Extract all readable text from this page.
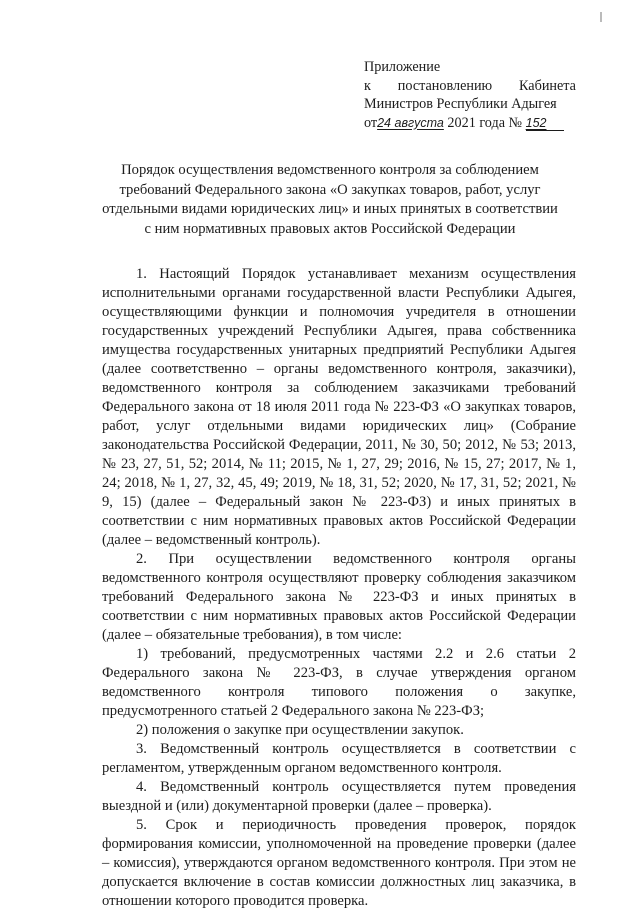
Приложение
к постановлению Кабинета
Министров Республики Адыгея
от24 августа 2021 года № 152
Порядок осуществления ведомственного контроля за соблюдением
требований Федерального закона «О закупках товаров, работ, услуг
отдельными видами юридических лиц» и иных принятых в соответствии
с ним нормативных правовых актов Российской Федерации

1. Настоящий Порядок устанавливает механизм осуществления исполнительными органами государственной власти Республики Адыгея, осуществляющими функции и полномочия учредителя в отношении государственных учреждений Республики Адыгея, права собственника имущества государственных унитарных предприятий Республики Адыгея (далее соответственно – органы ведомственного контроля, заказчики), ведомственного контроля за соблюдением заказчиками требований Федерального закона от 18 июля 2011 года № 223-ФЗ «О закупках товаров, работ, услуг отдельными видами юридических лиц» (Собрание законодательства Российской Федерации, 2011, № 30, 50; 2012, № 53; 2013, № 23, 27, 51, 52; 2014, № 11; 2015, № 1, 27, 29; 2016, № 15, 27; 2017, № 1, 24; 2018, № 1, 27, 32, 45, 49; 2019, № 18, 31, 52; 2020, № 17, 31, 52; 2021, № 9, 15) (далее – Федеральный закон № 223-ФЗ) и иных принятых в соответствии с ним нормативных правовых актов Российской Федерации (далее – ведомственный контроль).

2. При осуществлении ведомственного контроля органы ведомственного контроля осуществляют проверку соблюдения заказчиком требований Федерального закона № 223-ФЗ и иных принятых в соответствии с ним нормативных правовых актов Российской Федерации (далее – обязательные требования), в том числе:

1) требований, предусмотренных частями 2.2 и 2.6 статьи 2 Федерального закона № 223-ФЗ, в случае утверждения органом ведомственного контроля типового положения о закупке, предусмотренного статьей 2 Федерального закона № 223-ФЗ;

2) положения о закупке при осуществлении закупок.

3. Ведомственный контроль осуществляется в соответствии с регламентом, утвержденным органом ведомственного контроля.

4. Ведомственный контроль осуществляется путем проведения выездной и (или) документарной проверки (далее – проверка).

5. Срок и периодичность проведения проверок, порядок формирования комиссии, уполномоченной на проведение проверки (далее – комиссия), утверждаются органом ведомственного контроля. При этом не допускается включение в состав комиссии должностных лиц заказчика, в отношении которого проводится проверка.
